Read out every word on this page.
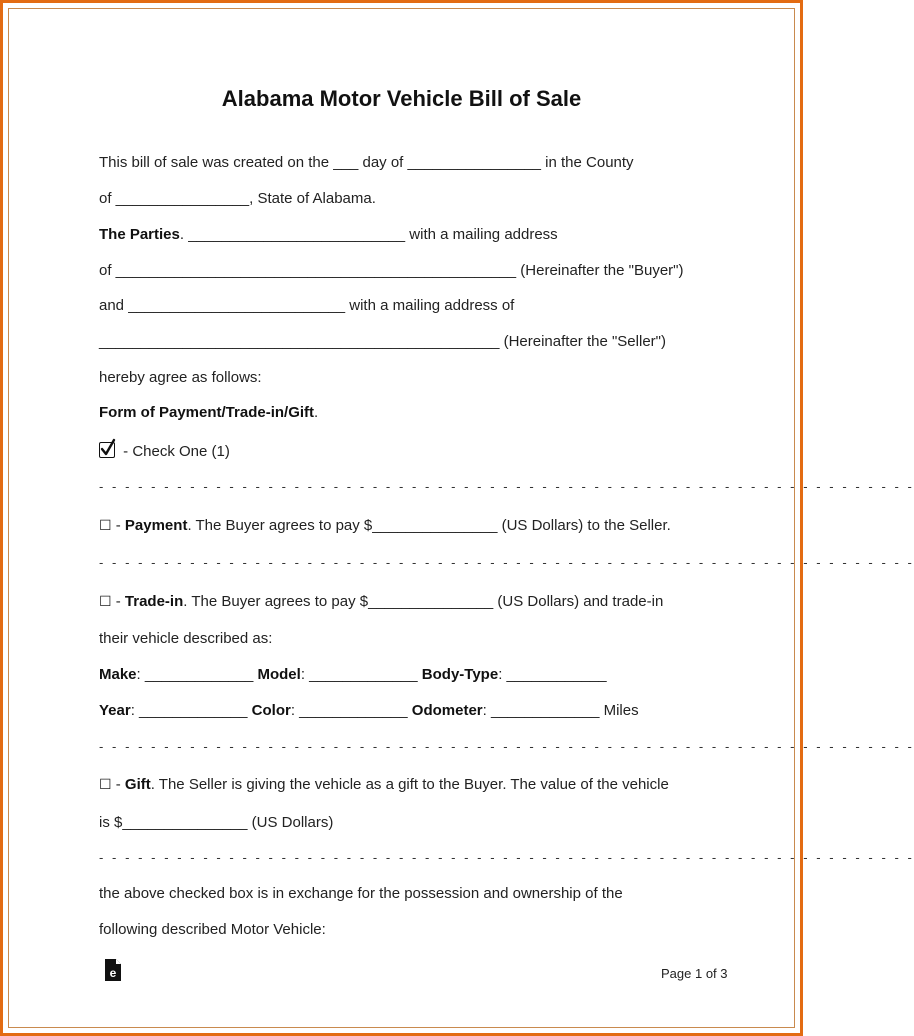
Alabama Motor Vehicle Bill of Sale
This bill of sale was created on the ___ day of ________________ in the County
of ________________, State of Alabama.
The Parties. __________________________ with a mailing address
of ________________________________________________ (Hereinafter the "Buyer")
and __________________________ with a mailing address of
________________________________________________ (Hereinafter the "Seller")
hereby agree as follows:
Form of Payment/Trade-in/Gift.
- Check One (1)
- - - - - - - - - - - - - - - - - - - - - - - - - - - - - - - - - - - - - - - - - - - - - - - - - - - - - - - - - - - - - - -
☐ - Payment. The Buyer agrees to pay $_______________ (US Dollars) to the Seller.
- - - - - - - - - - - - - - - - - - - - - - - - - - - - - - - - - - - - - - - - - - - - - - - - - - - - - - - - - - - - - - -
☐ - Trade-in. The Buyer agrees to pay $_______________ (US Dollars) and trade-in
their vehicle described as:
Make: _____________ Model: _____________ Body-Type: ____________
Year: _____________ Color: _____________ Odometer: _____________ Miles
- - - - - - - - - - - - - - - - - - - - - - - - - - - - - - - - - - - - - - - - - - - - - - - - - - - - - - - - - - - - - - -
☐ - Gift. The Seller is giving the vehicle as a gift to the Buyer. The value of the vehicle
is $_______________ (US Dollars)
- - - - - - - - - - - - - - - - - - - - - - - - - - - - - - - - - - - - - - - - - - - - - - - - - - - - - - - - - - - - - - -
the above checked box is in exchange for the possession and ownership of the
following described Motor Vehicle:
e	Page 1 of 3
